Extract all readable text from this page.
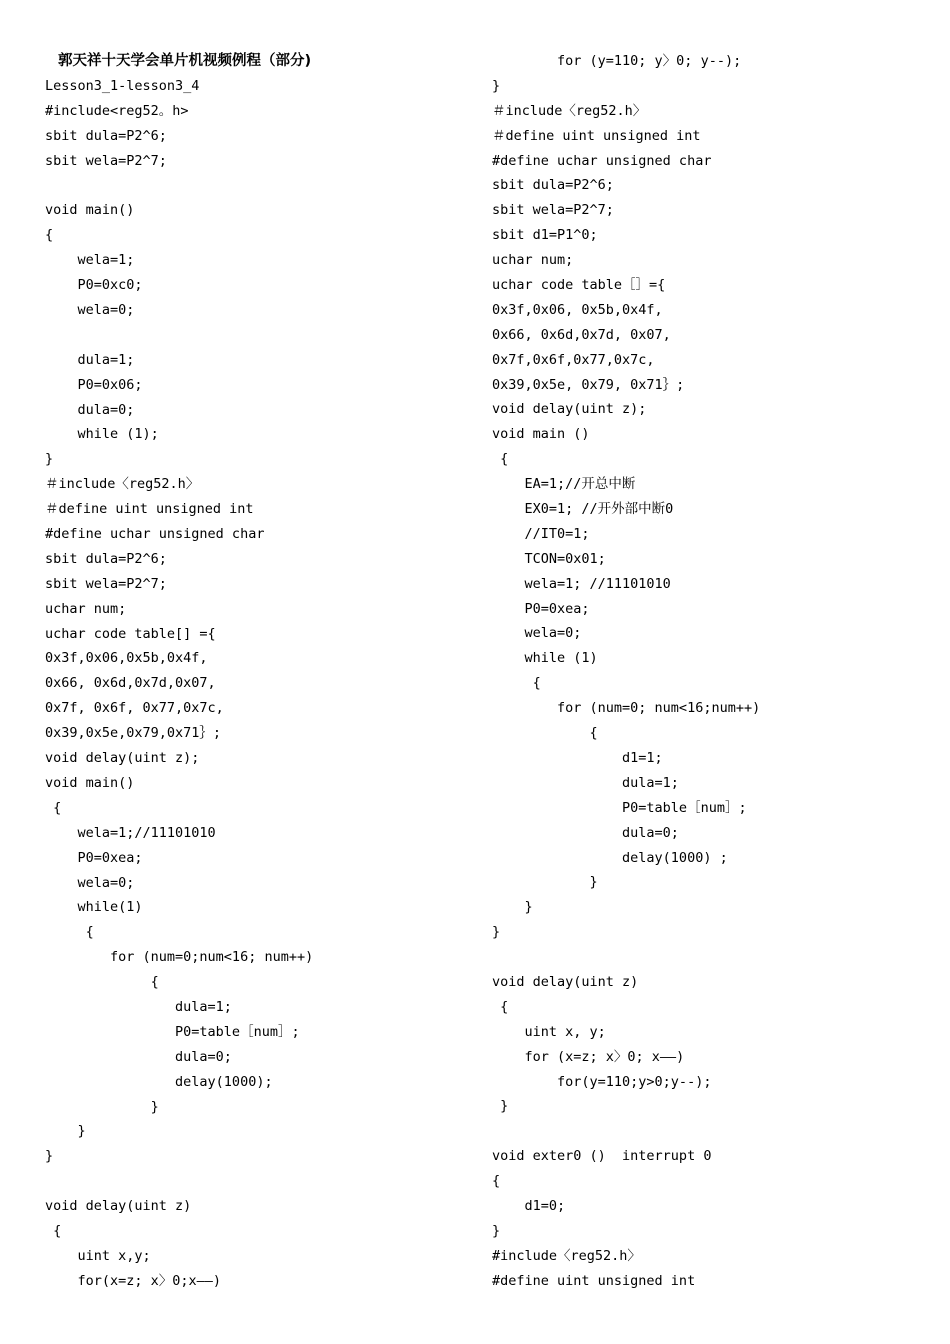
郭天祥十天学会单片机视频例程（部分)
Lesson3_1-lesson3_4
#include<reg52。h>
sbit dula=P2^6;
sbit wela=P2^7;
void main()
{
wela=1;
P0=0xc0;
wela=0;
dula=1;
P0=0x06;
dula=0;
while (1);
}
＃include〈reg52.h〉
＃define uint unsigned int
#define uchar unsigned char
sbit dula=P2^6;
sbit wela=P2^7;
uchar num;
uchar code table[] ={
0x3f,0x06,0x5b,0x4f,
0x66, 0x6d,0x7d,0x07,
0x7f, 0x6f, 0x77,0x7c,
0x39,0x5e,0x79,0x71｝;
void delay(uint z);
void main()
{
wela=1;//11101010
P0=0xea;
wela=0;
while(1)
{
for (num=0;num<16; num++)
{
dula=1;
P0=table［num］;
dula=0;
delay(1000);
}
}
}
void delay(uint z)
{
uint x,y;
for(x=z; x〉0;x——)
for (y=110; y〉0; y--);
}
＃include〈reg52.h〉
＃define uint unsigned int
#define uchar unsigned char
sbit dula=P2^6;
sbit wela=P2^7;
sbit d1=P1^0;
uchar num;
uchar code table［］={
0x3f,0x06, 0x5b,0x4f,
0x66, 0x6d,0x7d, 0x07,
0x7f,0x6f,0x77,0x7c,
0x39,0x5e, 0x79, 0x71｝;
void delay(uint z);
void main ()
{
EA=1;//开总中断
EX0=1; //开外部中断0
//IT0=1;
TCON=0x01;
wela=1; //11101010
P0=0xea;
wela=0;
while (1)
{
for (num=0; num<16;num++)
{
d1=1;
dula=1;
P0=table［num］;
dula=0;
delay(1000) ;
}
}
}
void delay(uint z)
{
uint x, y;
for (x=z; x〉0; x——)
for(y=110;y>0;y--);
}
void exter0 ()  interrupt 0
{
d1=0;
}
#include〈reg52.h〉
#define uint unsigned int
